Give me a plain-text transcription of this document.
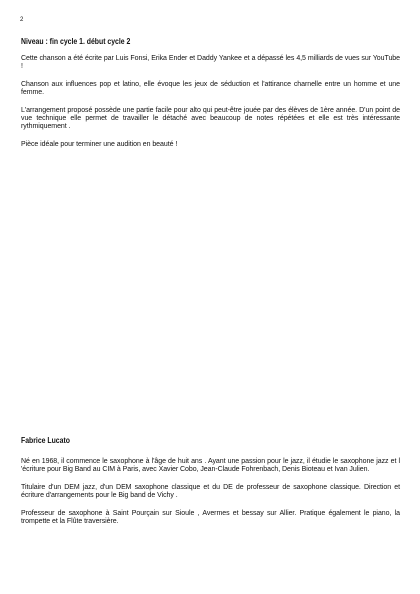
2
Niveau : fin cycle 1. début cycle 2

Cette chanson a été écrite par Luis Fonsi, Erika Ender et Daddy Yankee et a dépassé les 4,5 milliards de vues sur YouTube !

Chanson aux influences pop et latino, elle évoque les jeux de séduction et l'attirance charnelle entre un homme et une femme.

L'arrangement proposé possède une partie facile pour alto qui peut-être jouée par des élèves de 1ère année. D'un point de vue technique elle permet de travailler le détaché avec beaucoup de notes répétées et elle est très intéressante rythmiquement .

Pièce idéale pour terminer une audition en beauté !

Fabrice Lucato

Né en 1968, il commence le saxophone à l'âge de huit ans . Ayant une passion pour le jazz, il étudie le saxophone jazz et l 'écriture pour Big Band au CIM à Paris, avec Xavier Cobo, Jean-Claude Fohrenbach, Denis Bioteau et Ivan Julien.

Titulaire d'un DEM jazz, d'un DEM saxophone classique et du DE de professeur de saxophone classique. Direction et écriture d'arrangements pour le Big band de Vichy .

Professeur de saxophone à Saint Pourçain sur Sioule , Avermes et bessay sur Allier. Pratique également le piano, la trompette et la Flûte traversière.
